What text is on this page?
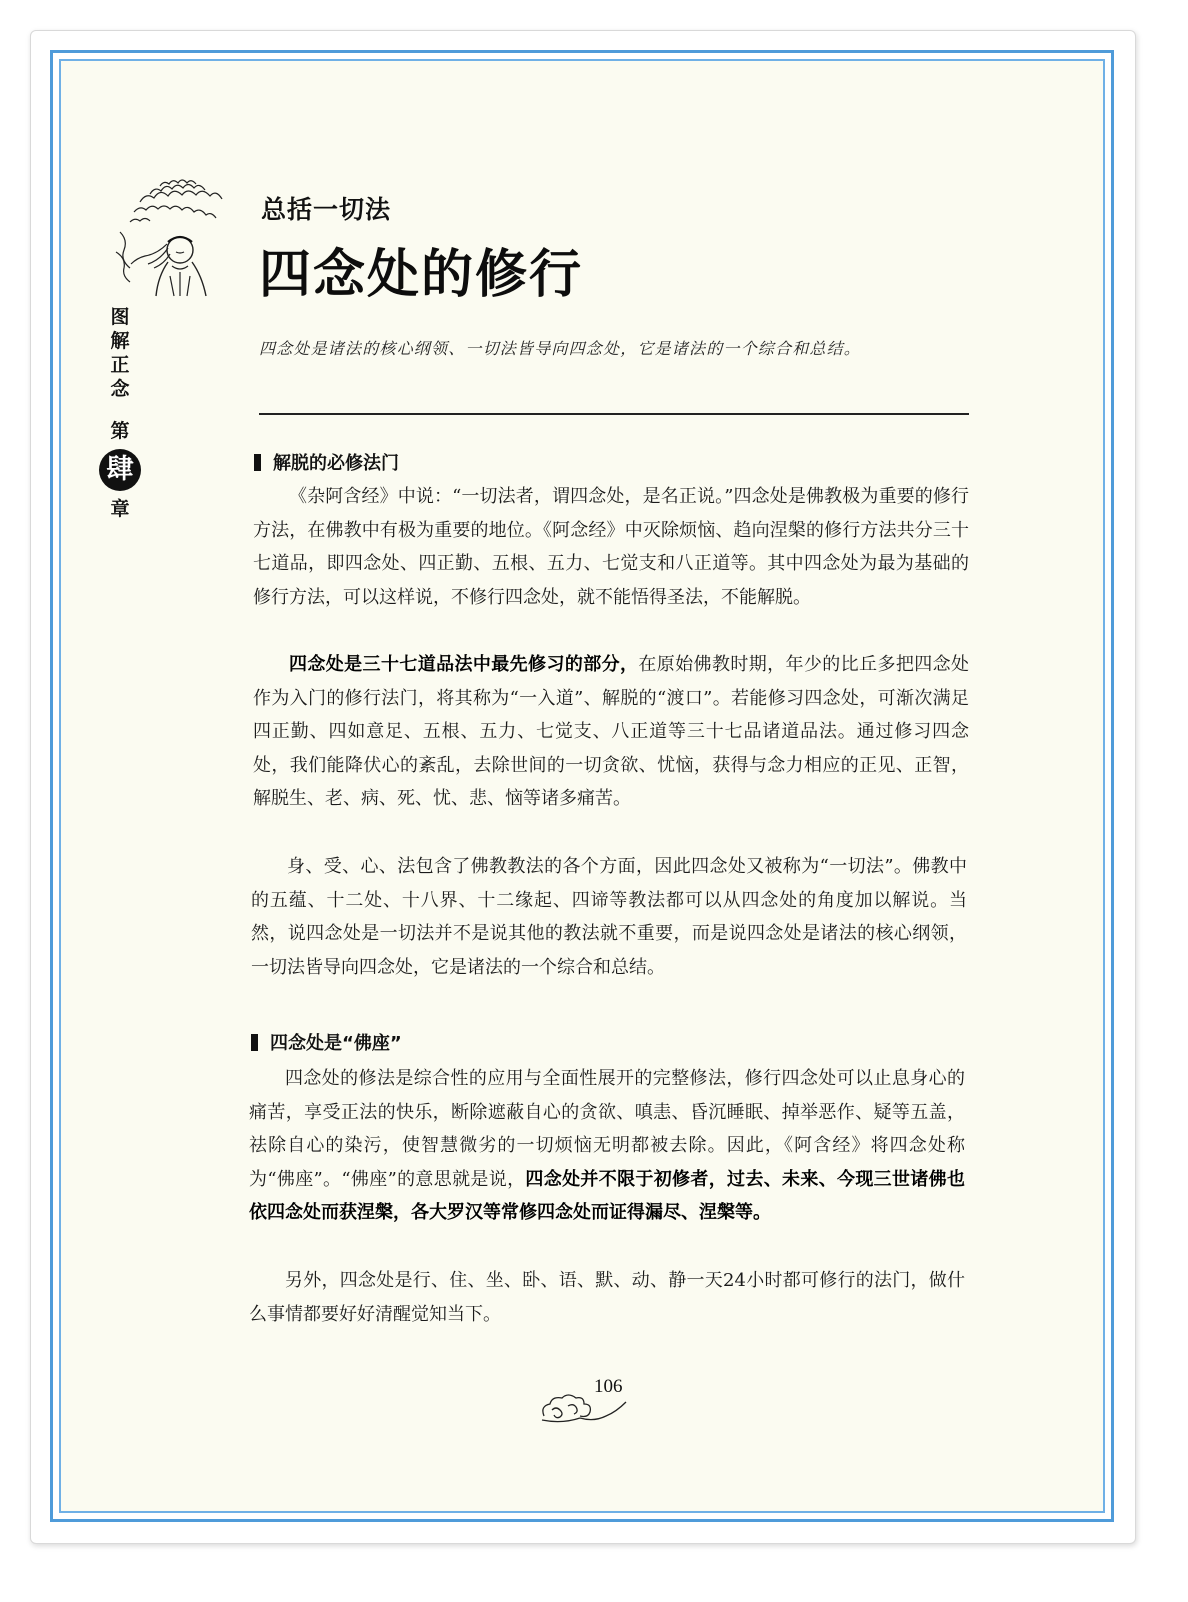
图
解
正
念
第
肆
章
总括一切法
四念处的修行
四念处是诸法的核心纲领、一切法皆导向四念处，它是诸法的一个综合和总结。
解脱的必修法门

《杂阿含经》中说：“一切法者，谓四念处，是名正说。”四念处是佛教极为重要的修行方法，在佛教中有极为重要的地位。《阿念经》中灭除烦恼、趋向涅槃的修行方法共分三十七道品，即四念处、四正勤、五根、五力、七觉支和八正道等。其中四念处为最为基础的修行方法，可以这样说，不修行四念处，就不能悟得圣法，不能解脱。

四念处是三十七道品法中最先修习的部分，在原始佛教时期，年少的比丘多把四念处作为入门的修行法门，将其称为“一入道”、解脱的“渡口”。若能修习四念处，可渐次满足四正勤、四如意足、五根、五力、七觉支、八正道等三十七品诸道品法。通过修习四念处，我们能降伏心的紊乱，去除世间的一切贪欲、忧恼，获得与念力相应的正见、正智，解脱生、老、病、死、忧、悲、恼等诸多痛苦。

身、受、心、法包含了佛教教法的各个方面，因此四念处又被称为“一切法”。佛教中的五蕴、十二处、十八界、十二缘起、四谛等教法都可以从四念处的角度加以解说。当然，说四念处是一切法并不是说其他的教法就不重要，而是说四念处是诸法的核心纲领，一切法皆导向四念处，它是诸法的一个综合和总结。

四念处是“佛座”

四念处的修法是综合性的应用与全面性展开的完整修法，修行四念处可以止息身心的痛苦，享受正法的快乐，断除遮蔽自心的贪欲、嗔恚、昏沉睡眠、掉举恶作、疑等五盖，祛除自心的染污，使智慧微劣的一切烦恼无明都被去除。因此，《阿含经》将四念处称为“佛座”。“佛座”的意思就是说，四念处并不限于初修者，过去、未来、今现三世诸佛也依四念处而获涅槃，各大罗汉等常修四念处而证得漏尽、涅槃等。

另外，四念处是行、住、坐、卧、语、默、动、静一天24小时都可修行的法门，做什么事情都要好好清醒觉知当下。

106
